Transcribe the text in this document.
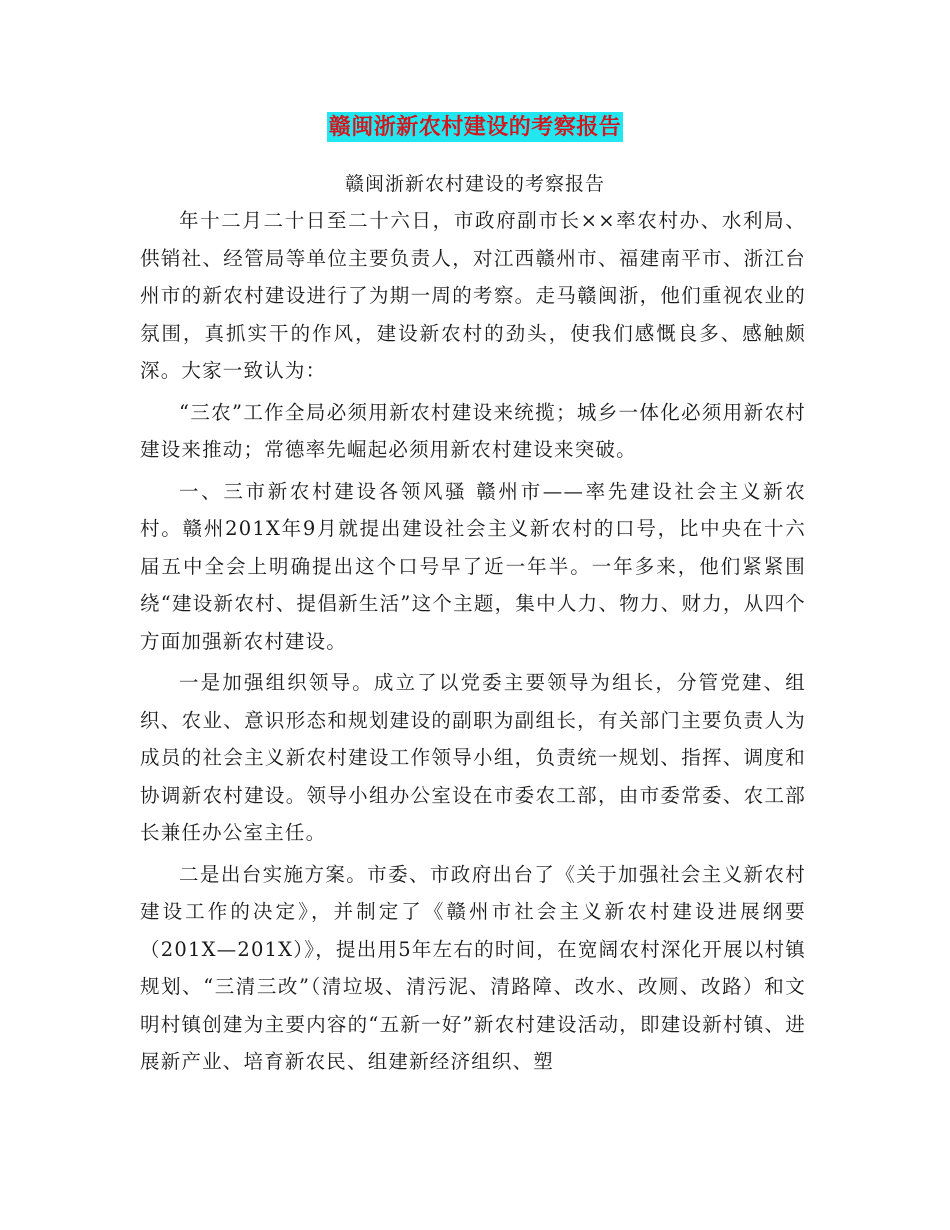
赣闽浙新农村建设的考察报告
赣闽浙新农村建设的考察报告

年十二月二十日至二十六日，市政府副市长××率农村办、水利局、供销社、经管局等单位主要负责人，对江西赣州市、福建南平市、浙江台州市的新农村建设进行了为期一周的考察。走马赣闽浙，他们重视农业的氛围，真抓实干的作风，建设新农村的劲头，使我们感慨良多、感触颇深。大家一致认为：

“三农”工作全局必须用新农村建设来统揽；城乡一体化必须用新农村建设来推动；常德率先崛起必须用新农村建设来突破。

一、三市新农村建设各领风骚 赣州市——率先建设社会主义新农村。赣州201X年9月就提出建设社会主义新农村的口号，比中央在十六届五中全会上明确提出这个口号早了近一年半。一年多来，他们紧紧围绕“建设新农村、提倡新生活”这个主题，集中人力、物力、财力，从四个方面加强新农村建设。

一是加强组织领导。成立了以党委主要领导为组长，分管党建、组织、农业、意识形态和规划建设的副职为副组长，有关部门主要负责人为成员的社会主义新农村建设工作领导小组，负责统一规划、指挥、调度和协调新农村建设。领导小组办公室设在市委农工部，由市委常委、农工部长兼任办公室主任。

二是出台实施方案。市委、市政府出台了《关于加强社会主义新农村建设工作的决定》，并制定了《赣州市社会主义新农村建设进展纲要（201X—201X）》，提出用5年左右的时间，在宽阔农村深化开展以村镇规划、“三清三改”（清垃圾、清污泥、清路障、改水、改厕、改路）和文明村镇创建为主要内容的“五新一好”新农村建设活动，即建设新村镇、进展新产业、培育新农民、组建新经济组织、塑
